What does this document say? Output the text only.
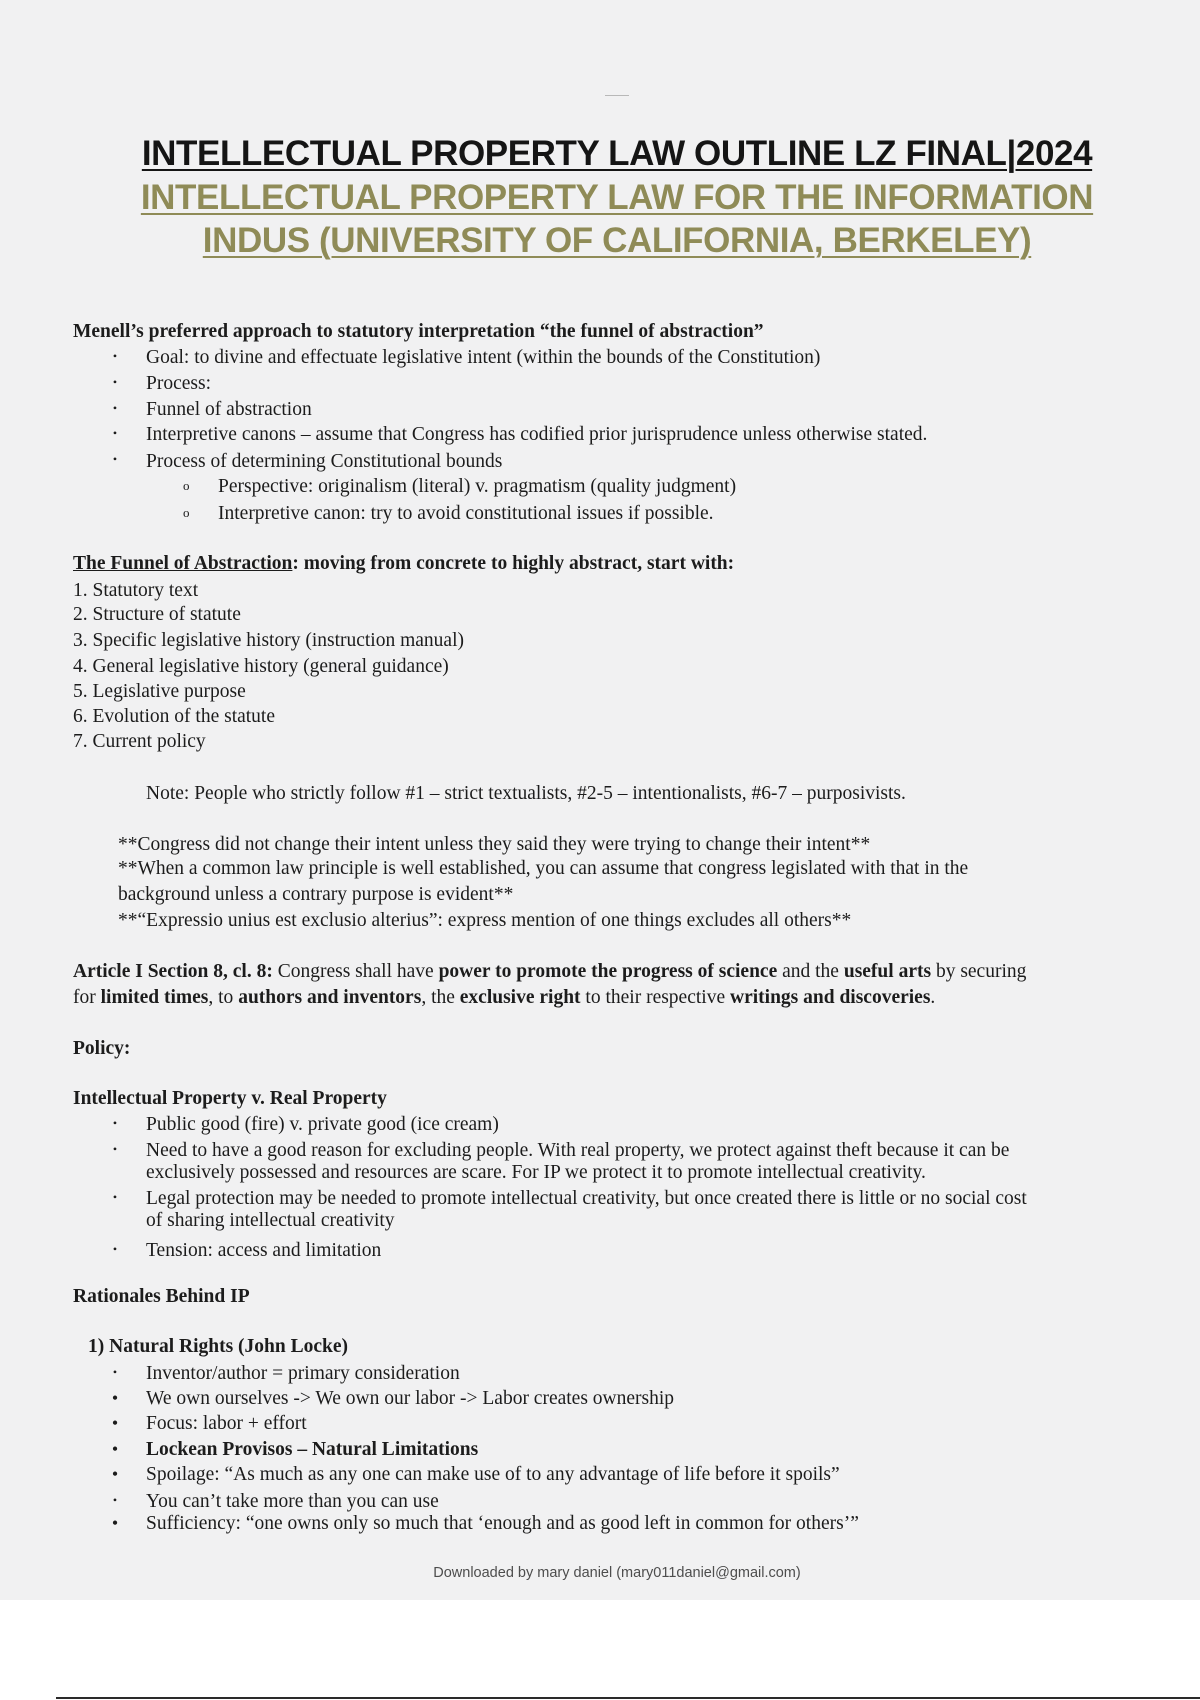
INTELLECTUAL PROPERTY LAW OUTLINE LZ FINAL|2024
INTELLECTUAL PROPERTY LAW FOR THE INFORMATION
INDUS (UNIVERSITY OF CALIFORNIA, BERKELEY)
Menell’s preferred approach to statutory interpretation “the funnel of abstraction”
• Goal: to divine and effectuate legislative intent (within the bounds of the Constitution)
• Process:
• Funnel of abstraction
• Interpretive canons – assume that Congress has codified prior jurisprudence unless otherwise stated.
• Process of determining Constitutional bounds
o Perspective: originalism (literal) v. pragmatism (quality judgment)
o Interpretive canon: try to avoid constitutional issues if possible.
The Funnel of Abstraction: moving from concrete to highly abstract, start with:
1. Statutory text
2. Structure of statute
3. Specific legislative history (instruction manual)
4. General legislative history (general guidance)
5. Legislative purpose
6. Evolution of the statute
7. Current policy
Note: People who strictly follow #1 – strict textualists, #2-5 – intentionalists, #6-7 – purposivists.
**Congress did not change their intent unless they said they were trying to change their intent**
**When a common law principle is well established, you can assume that congress legislated with that in the
background unless a contrary purpose is evident**
**“Expressio unius est exclusio alterius”: express mention of one things excludes all others**
Article I Section 8, cl. 8: Congress shall have power to promote the progress of science and the useful arts by securing
for limited times, to authors and inventors, the exclusive right to their respective writings and discoveries.
Policy:
Intellectual Property v. Real Property
• Public good (fire) v. private good (ice cream)
• Need to have a good reason for excluding people. With real property, we protect against theft because it can be
exclusively possessed and resources are scare. For IP we protect it to promote intellectual creativity.
• Legal protection may be needed to promote intellectual creativity, but once created there is little or no social cost
of sharing intellectual creativity
• Tension: access and limitation
Rationales Behind IP
1) Natural Rights (John Locke)
• Inventor/author = primary consideration
• We own ourselves -> We own our labor -> Labor creates ownership
• Focus: labor + effort
• Lockean Provisos – Natural Limitations
• Spoilage: “As much as any one can make use of to any advantage of life before it spoils”
• You can’t take more than you can use
• Sufficiency: “one owns only so much that ‘enough and as good left in common for others’”
Downloaded by mary daniel (mary011daniel@gmail.com)
